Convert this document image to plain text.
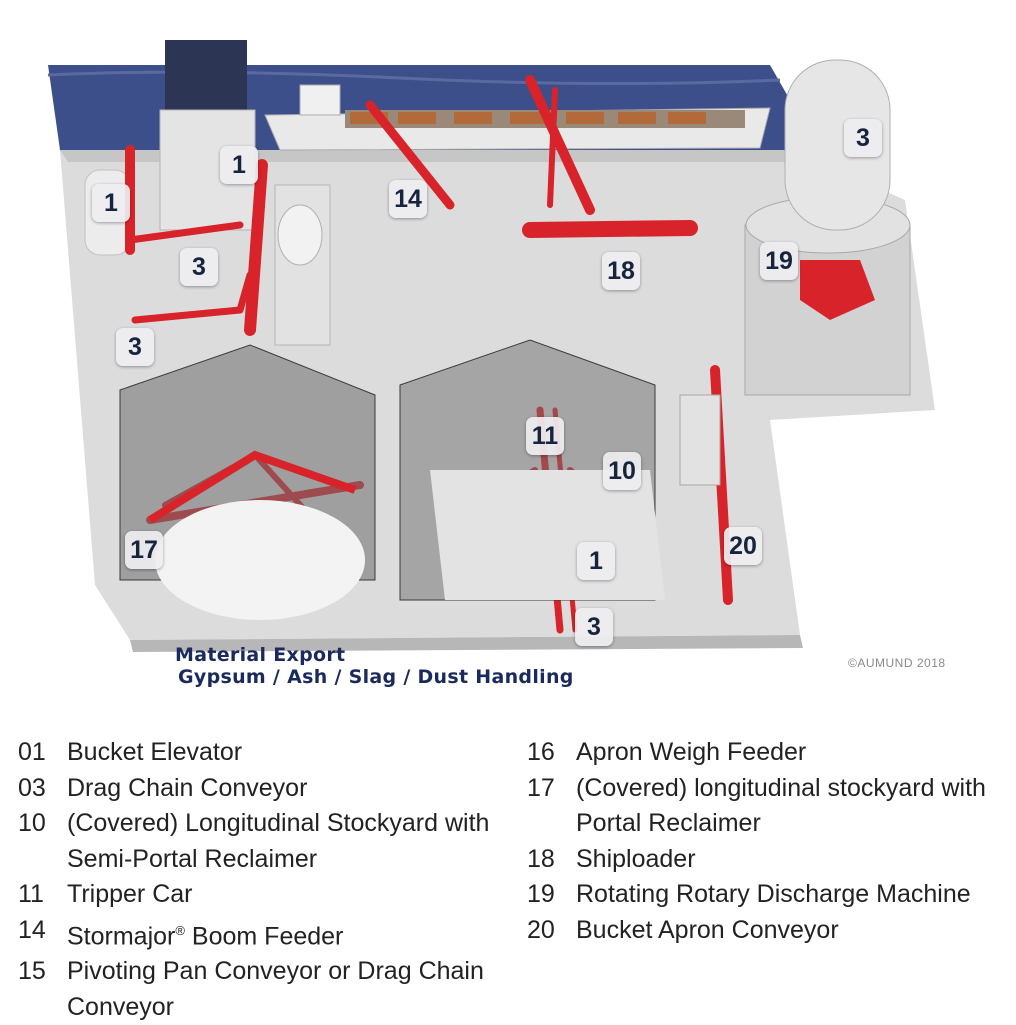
1
1
1
3
3
3
3
14
18	19
11
10
17	20
Material Export
Gypsum / Ash / Slag / Dust Handling
©AUMUND 2018
01 Bucket Elevator
03 Drag Chain Conveyor
10 (Covered) Longitudinal Stockyard with Semi-Portal Reclaimer
11 Tripper Car
14 Stormajor® Boom Feeder
15 Pivoting Pan Conveyor or Drag Chain Conveyor
16 Apron Weigh Feeder
17 (Covered) longitudinal stockyard with Portal Reclaimer
18 Shiploader
19 Rotating Rotary Discharge Machine
20 Bucket Apron Conveyor
